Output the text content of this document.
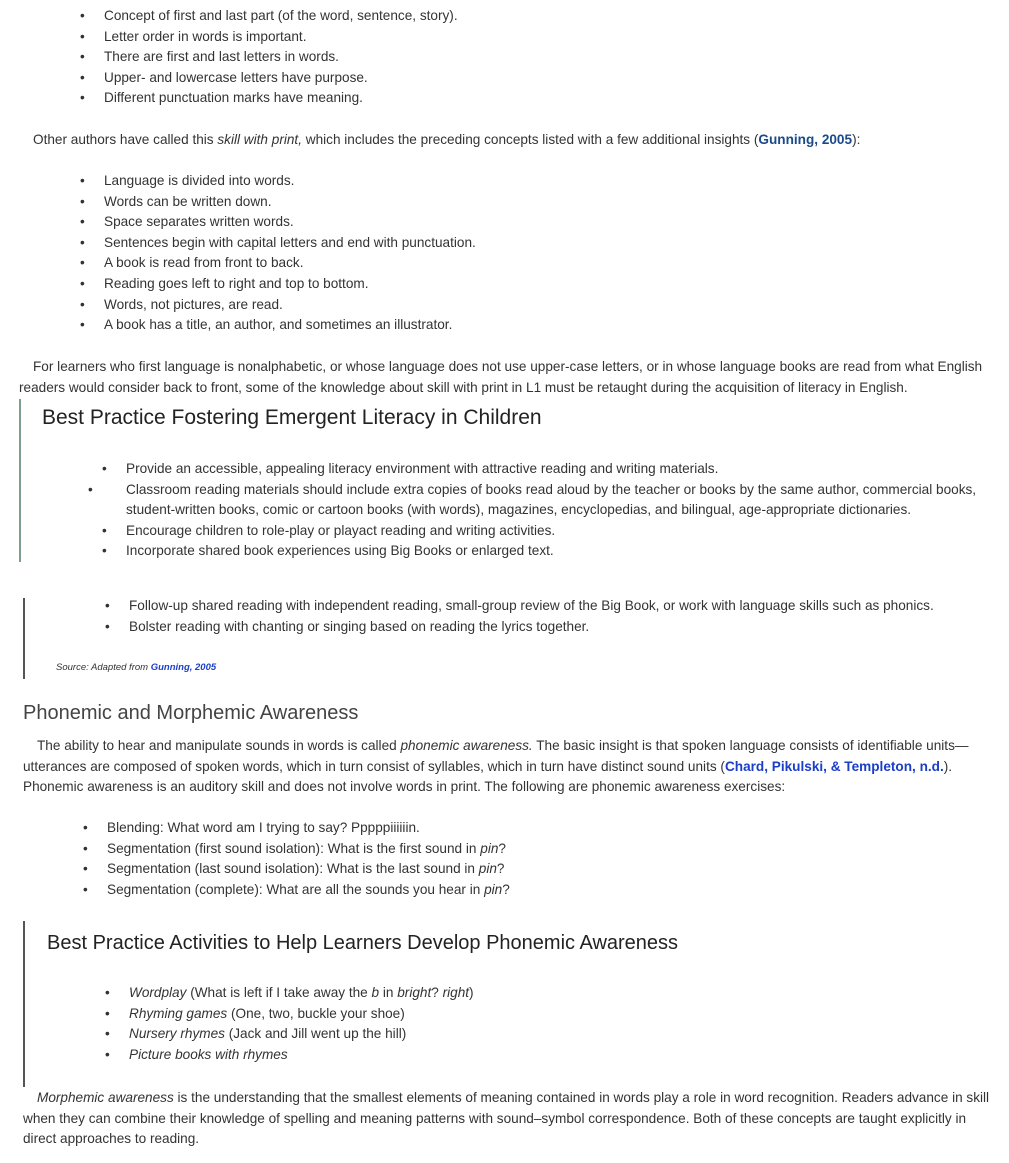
• Concept of first and last part (of the word, sentence, story).
• Letter order in words is important.
• There are first and last letters in words.
• Upper- and lowercase letters have purpose.
• Different punctuation marks have meaning.

Other authors have called this skill with print, which includes the preceding concepts listed with a few additional insights (Gunning, 2005):

• Language is divided into words.
• Words can be written down.
• Space separates written words.
• Sentences begin with capital letters and end with punctuation.
• A book is read from front to back.
• Reading goes left to right and top to bottom.
• Words, not pictures, are read.
• A book has a title, an author, and sometimes an illustrator.

For learners who first language is nonalphabetic, or whose language does not use upper-case letters, or in whose language books are read from what English readers would consider back to front, some of the knowledge about skill with print in L1 must be retaught during the acquisition of literacy in English.

Best Practice Fostering Emergent Literacy in Children
• Provide an accessible, appealing literacy environment with attractive reading and writing materials.
• Classroom reading materials should include extra copies of books read aloud by the teacher or books by the same author, commercial books, student-written books, comic or cartoon books (with words), magazines, encyclopedias, and bilingual, age-appropriate dictionaries.
• Encourage children to role-play or playact reading and writing activities.
• Incorporate shared book experiences using Big Books or enlarged text.
• Follow-up shared reading with independent reading, small-group review of the Big Book, or work with language skills such as phonics.
• Bolster reading with chanting or singing based on reading the lyrics together.
Source: Adapted from Gunning, 2005
Phonemic and Morphemic Awareness

The ability to hear and manipulate sounds in words is called phonemic awareness. The basic insight is that spoken language consists of identifiable units—utterances are composed of spoken words, which in turn consist of syllables, which in turn have distinct sound units (Chard, Pikulski, & Templeton, n.d.). Phonemic awareness is an auditory skill and does not involve words in print. The following are phonemic awareness exercises:

• Blending: What word am I trying to say? Pppppiiiiiin.
• Segmentation (first sound isolation): What is the first sound in pin?
• Segmentation (last sound isolation): What is the last sound in pin?
• Segmentation (complete): What are all the sounds you hear in pin?
Best Practice Activities to Help Learners Develop Phonemic Awareness
• Wordplay (What is left if I take away the b in bright? right)
• Rhyming games (One, two, buckle your shoe)
• Nursery rhymes (Jack and Jill went up the hill)
• Picture books with rhymes

Morphemic awareness is the understanding that the smallest elements of meaning contained in words play a role in word recognition. Readers advance in skill when they can combine their knowledge of spelling and meaning patterns with sound–symbol correspondence. Both of these concepts are taught explicitly in direct approaches to reading.
